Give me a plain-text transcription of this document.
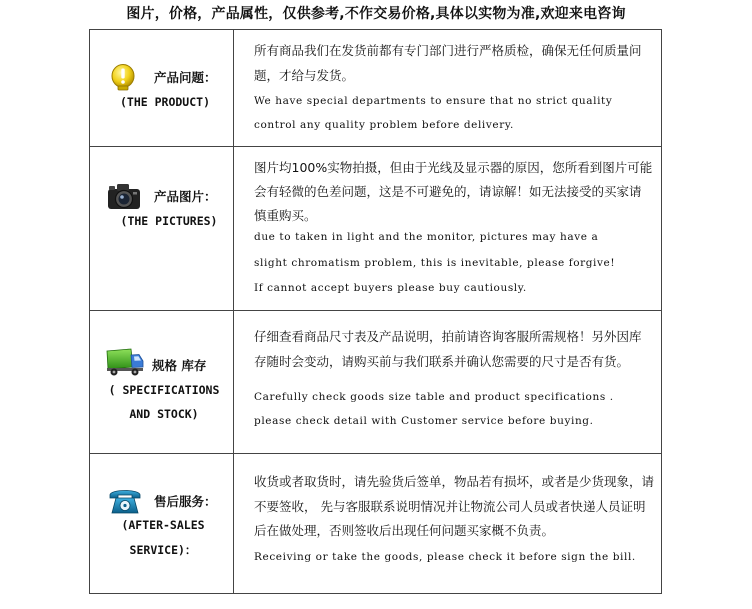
图片，价格，产品属性，仅供参考,不作交易价格,具体以实物为准,欢迎来电咨询
产品问题：
(THE PRODUCT)
所有商品我们在发货前都有专门部门进行严格质检，确保无任何质量问
题，才给与发货。
We have special departments to ensure that no strict quality
control any quality problem before delivery.
产品图片：
(THE PICTURES)
图片均100%实物拍摄，但由于光线及显示器的原因，您所看到图片可能
会有轻微的色差问题，这是不可避免的，请谅解！如无法接受的买家请
慎重购买。
due to taken in light and the monitor, pictures may have a
slight chromatism problem, this is inevitable, please forgive!
If cannot accept buyers please buy cautiously.
规格 库存
( SPECIFICATIONS
AND STOCK)
仔细查看商品尺寸表及产品说明，拍前请咨询客服所需规格！另外因库
存随时会变动，请购买前与我们联系并确认您需要的尺寸是否有货。
Carefully check goods size table and product specifications .
please check detail with Customer service before buying.
售后服务：
(AFTER-SALES
SERVICE)：
收货或者取货时，请先验货后签单，物品若有损坏，或者是少货现象，请
不要签收， 先与客服联系说明情况并让物流公司人员或者快递人员证明
后在做处理，否则签收后出现任何问题买家概不负责。
Receiving or take the goods, please check it before sign the bill.
